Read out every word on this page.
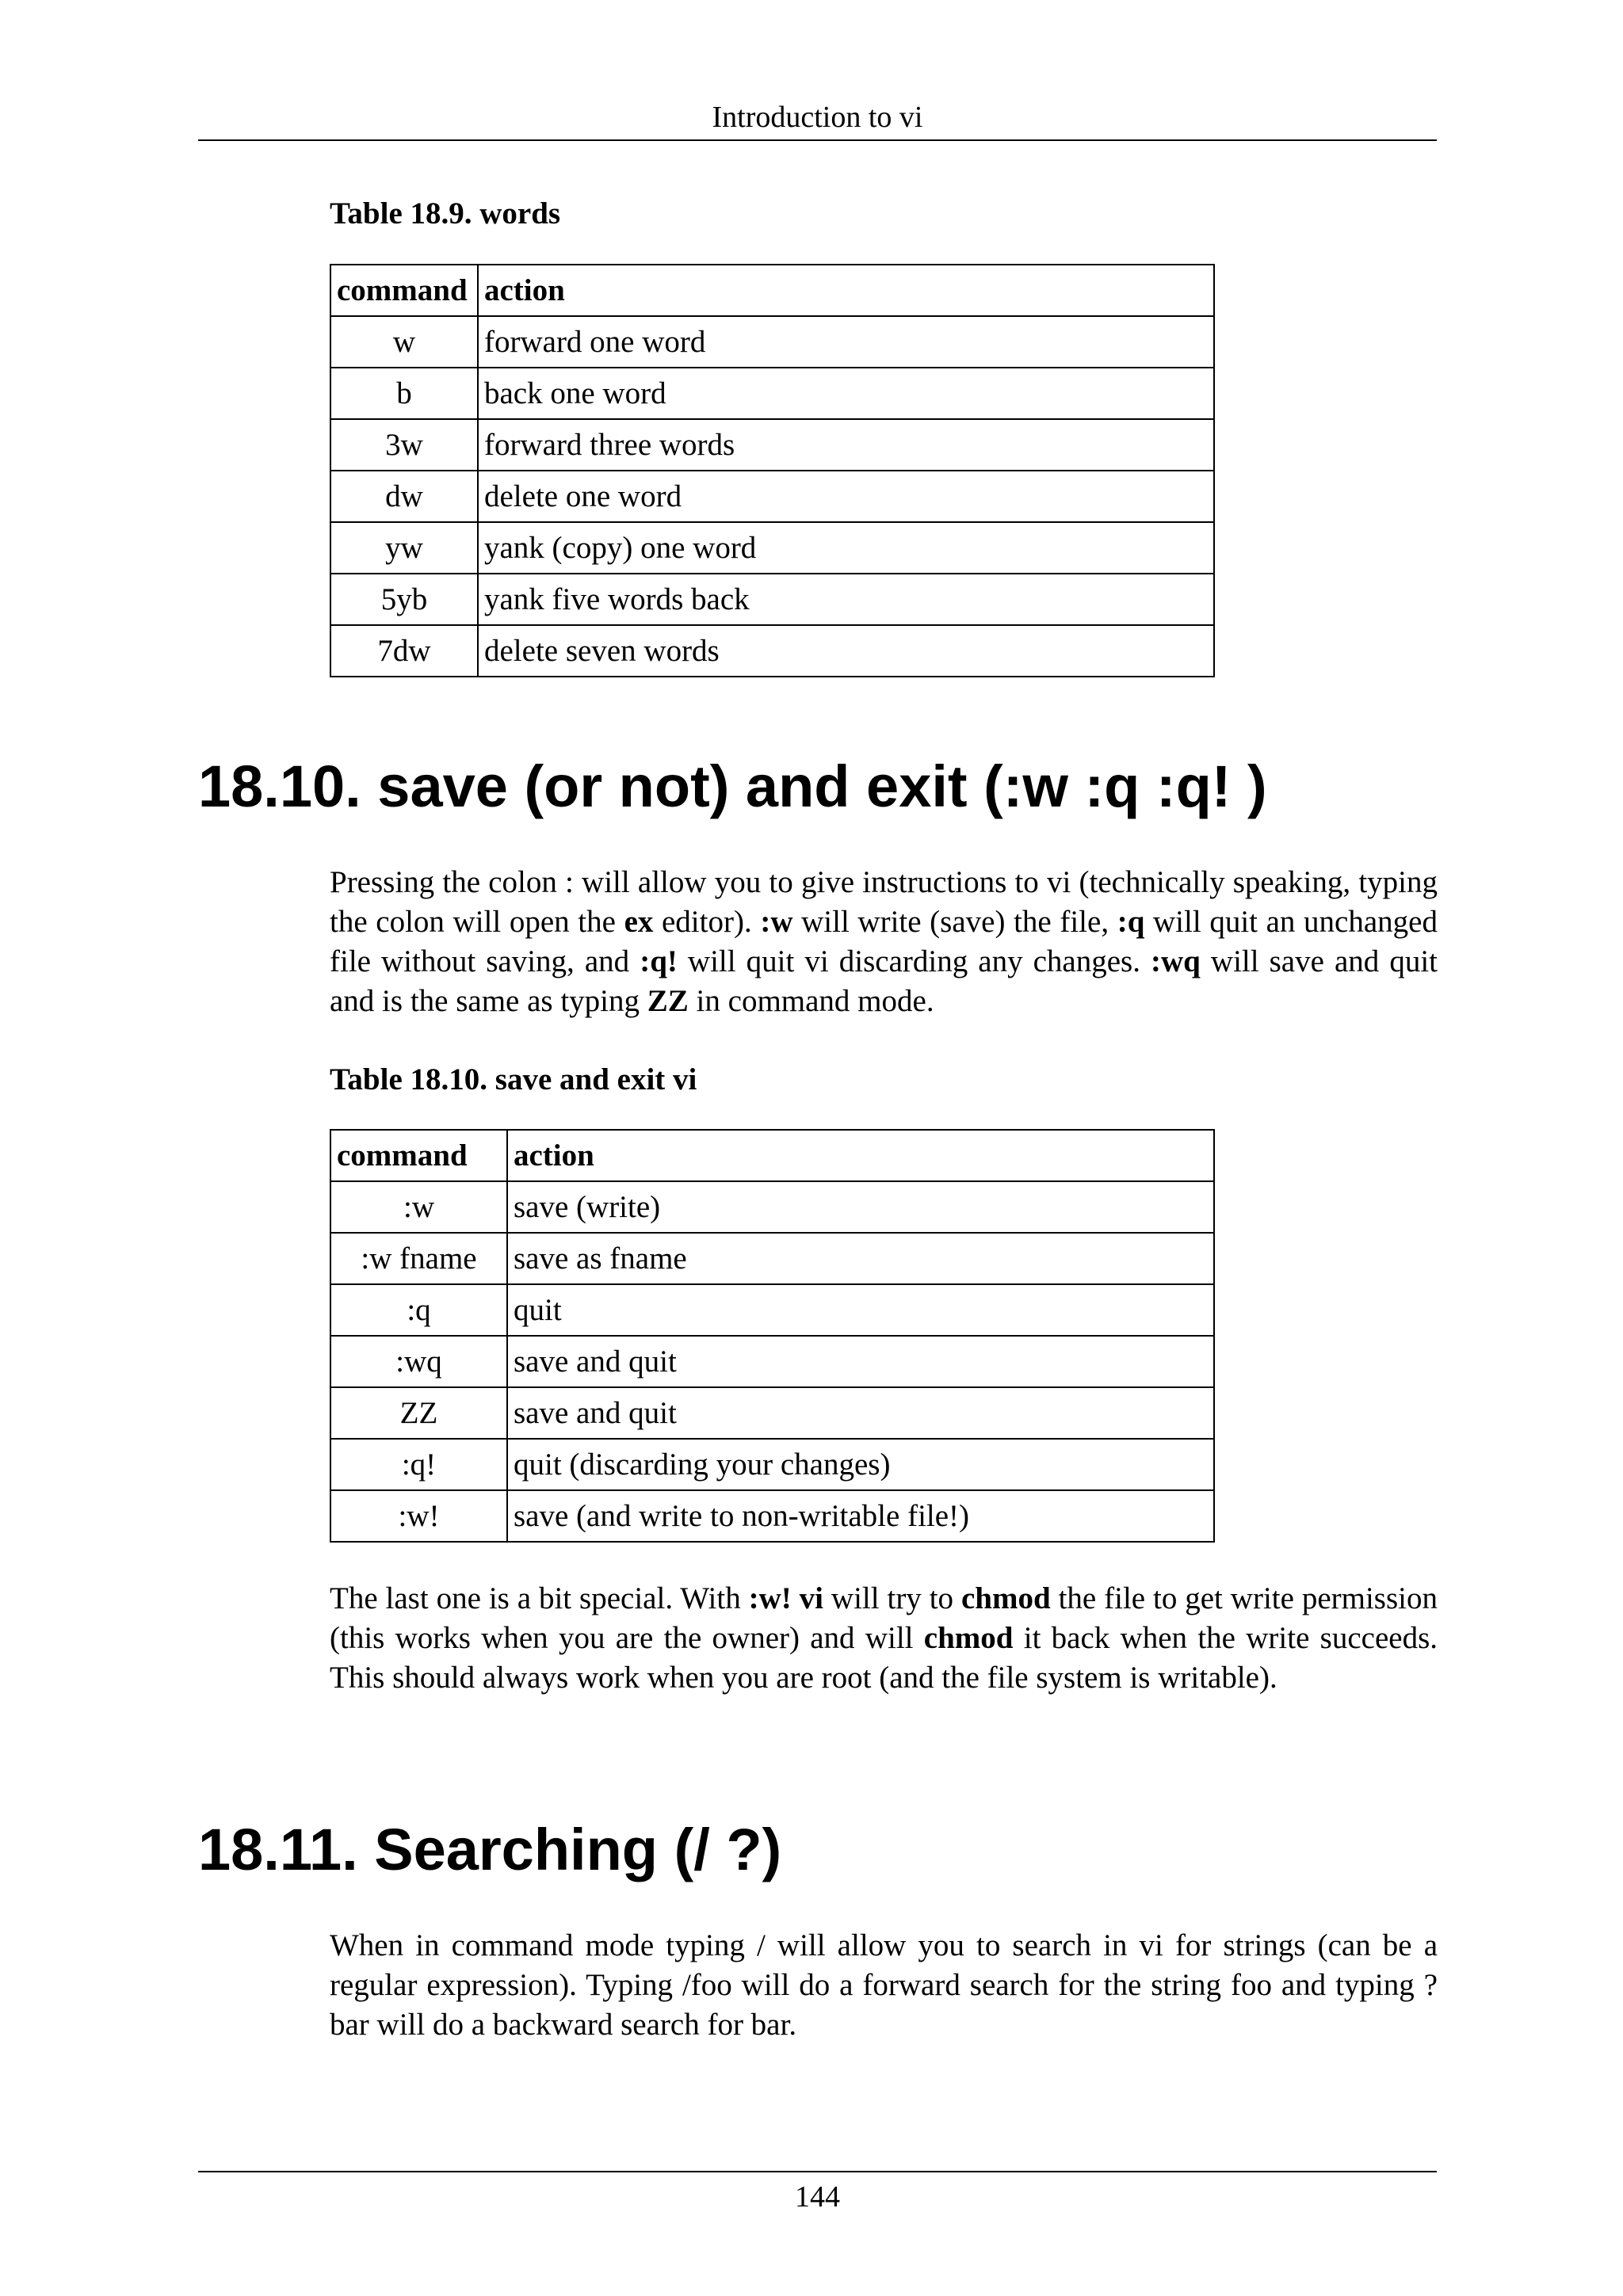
Introduction to vi

Table 18.9. words

command	action
w	forward one word
b	back one word
3w	forward three words
dw	delete one word
yw	yank (copy) one word
5yb	yank five words back
7dw	delete seven words
18.10. save (or not) and exit (:w :q :q! )

Pressing the colon : will allow you to give instructions to vi (technically speaking, typing the colon will open the ex editor). :w will write (save) the file, :q will quit an unchanged file without saving, and :q! will quit vi discarding any changes. :wq will save and quit and is the same as typing ZZ in command mode.

Table 18.10. save and exit vi

command	action
:w	save (write)
:w fname	save as fname
:q	quit
:wq	save and quit
ZZ	save and quit
:q!	quit (discarding your changes)
:w!	save (and write to non-writable file!)

The last one is a bit special. With :w! vi will try to chmod the file to get write permission (this works when you are the owner) and will chmod it back when the write succeeds. This should always work when you are root (and the file system is writable).

18.11. Searching (/ ?)

When in command mode typing / will allow you to search in vi for strings (can be a regular expression). Typing /foo will do a forward search for the string foo and typing ?bar will do a backward search for bar.

144
